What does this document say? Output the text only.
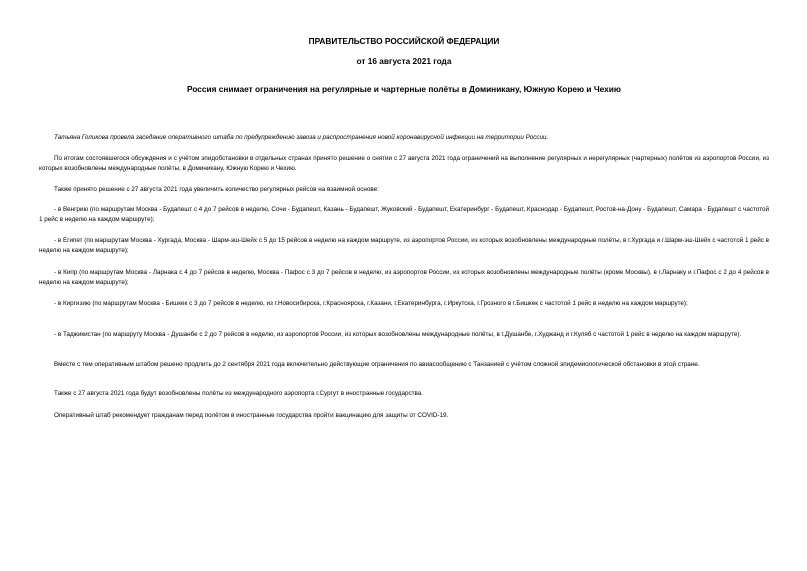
ПРАВИТЕЛЬСТВО РОССИЙСКОЙ ФЕДЕРАЦИИ
от 16 августа 2021 года
Россия снимает ограничения на регулярные и чартерные полёты в Доминикану, Южную Корею и Чехию

Татьяна Голикова провела заседание оперативного штаба по предупреждению завоза и распространения новой коронавирусной инфекции на территории России.

По итогам состоявшегося обсуждения и с учётом эпидобстановки в отдельных странах принято решение о снятии с 27 августа 2021 года ограничений на выполнение регулярных и нерегулярных (чартерных) полётов из аэропортов России, из которых возобновлены международные полёты, в Доминикану, Южную Корею и Чехию.

Также принято решение с 27 августа 2021 года увеличить количество регулярных рейсов на взаимной основе:

- в Венгрию (по маршрутам Москва - Будапешт с 4 до 7 рейсов в неделю, Сочи - Будапешт, Казань - Будапешт, Жуковский - Будапешт, Екатеринбург - Будапешт, Краснодар - Будапешт, Ростов-на-Дону - Будапешт, Самара - Будапешт с частотой 1 рейс в неделю на каждом маршруте);

- в Египет (по маршрутам Москва - Хургада, Москва - Шарм-эш-Шейх с 5 до 15 рейсов в неделю на каждом маршруте, из аэропортов России, из которых возобновлены международные полёты, в г.Хургада и г.Шарм-эш-Шейх с частотой 1 рейс в неделю на каждом маршруте);

- в Кипр (по маршрутам Москва - Ларнака с 4 до 7 рейсов в неделю, Москва - Пафос с 3 до 7 рейсов в неделю, из аэропортов России, из которых возобновлены международные полёты (кроме Москвы), в г.Ларнаку и г.Пафос с 2 до 4 рейсов в неделю на каждом маршруте);

- в Киргизию (по маршрутам Москва - Бишкек с 3 до 7 рейсов в неделю, из г.Новосибирска, г.Красноярска, г.Казани, г.Екатеринбурга, г.Иркутска, г.Грозного в г.Бишкек с частотой 1 рейс в неделю на каждом маршруте);

- в Таджикистан (по маршруту Москва - Душанбе с 2 до 7 рейсов в неделю, из аэропортов России, из которых возобновлены международные полёты, в г.Душанбе, г.Худжанд и г.Куляб с частотой 1 рейс в неделю на каждом маршруте).

Вместе с тем оперативным штабом решено продлить до 2 сентября 2021 года включительно действующие ограничения по авиасообщению с Танзанией с учётом сложной эпидемиологической обстановки в этой стране.

Также с 27 августа 2021 года будут возобновлены полёты из международного аэропорта г.Сургут в иностранные государства.

Оперативный штаб рекомендует гражданам перед полётом в иностранные государства пройти вакцинацию для защиты от COVID-19.
